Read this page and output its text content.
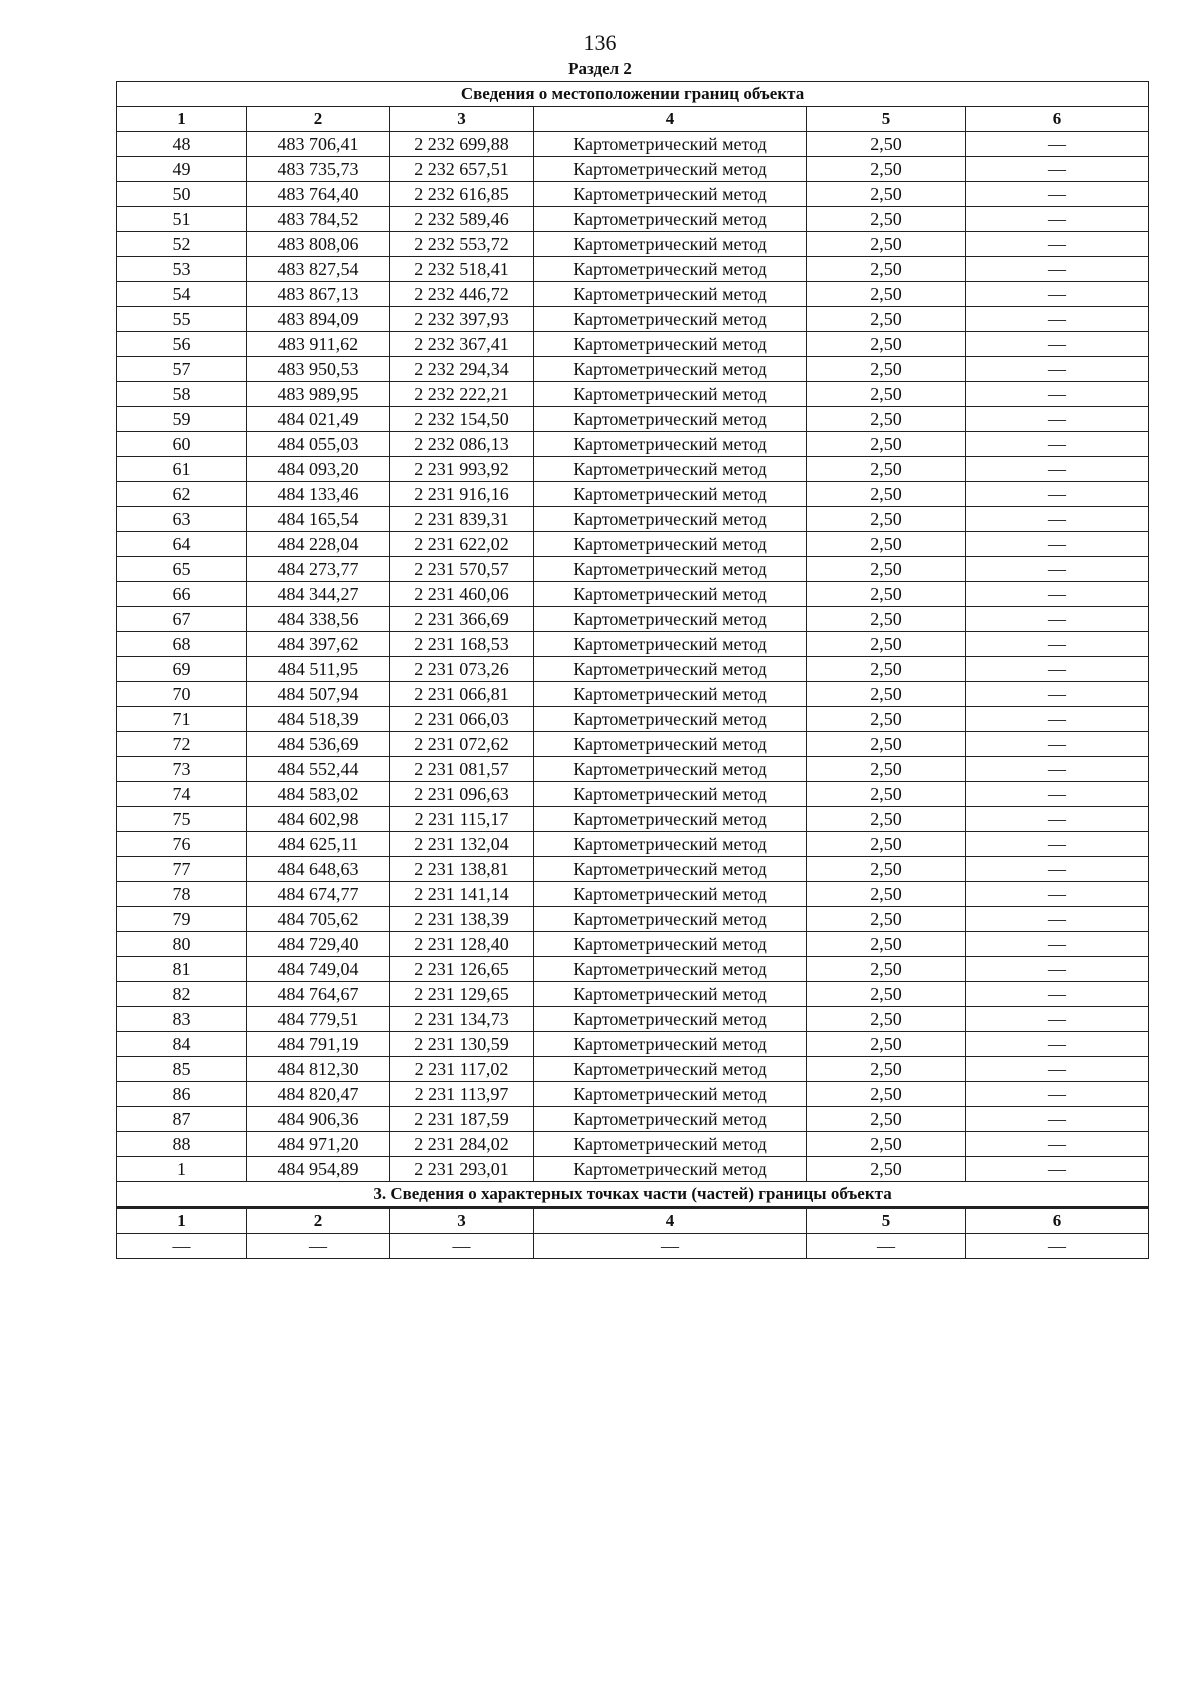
136
Раздел 2
Сведения о местоположении границ объекта					
1	2	3	4	5	6
48	483 706,41	2 232 699,88	Картометрический метод	2,50	—
49	483 735,73	2 232 657,51	Картометрический метод	2,50	—
50	483 764,40	2 232 616,85	Картометрический метод	2,50	—
51	483 784,52	2 232 589,46	Картометрический метод	2,50	—
52	483 808,06	2 232 553,72	Картометрический метод	2,50	—
53	483 827,54	2 232 518,41	Картометрический метод	2,50	—
54	483 867,13	2 232 446,72	Картометрический метод	2,50	—
55	483 894,09	2 232 397,93	Картометрический метод	2,50	—
56	483 911,62	2 232 367,41	Картометрический метод	2,50	—
57	483 950,53	2 232 294,34	Картометрический метод	2,50	—
58	483 989,95	2 232 222,21	Картометрический метод	2,50	—
59	484 021,49	2 232 154,50	Картометрический метод	2,50	—
60	484 055,03	2 232 086,13	Картометрический метод	2,50	—
61	484 093,20	2 231 993,92	Картометрический метод	2,50	—
62	484 133,46	2 231 916,16	Картометрический метод	2,50	—
63	484 165,54	2 231 839,31	Картометрический метод	2,50	—
64	484 228,04	2 231 622,02	Картометрический метод	2,50	—
65	484 273,77	2 231 570,57	Картометрический метод	2,50	—
66	484 344,27	2 231 460,06	Картометрический метод	2,50	—
67	484 338,56	2 231 366,69	Картометрический метод	2,50	—
68	484 397,62	2 231 168,53	Картометрический метод	2,50	—
69	484 511,95	2 231 073,26	Картометрический метод	2,50	—
70	484 507,94	2 231 066,81	Картометрический метод	2,50	—
71	484 518,39	2 231 066,03	Картометрический метод	2,50	—
72	484 536,69	2 231 072,62	Картометрический метод	2,50	—
73	484 552,44	2 231 081,57	Картометрический метод	2,50	—
74	484 583,02	2 231 096,63	Картометрический метод	2,50	—
75	484 602,98	2 231 115,17	Картометрический метод	2,50	—
76	484 625,11	2 231 132,04	Картометрический метод	2,50	—
77	484 648,63	2 231 138,81	Картометрический метод	2,50	—
78	484 674,77	2 231 141,14	Картометрический метод	2,50	—
79	484 705,62	2 231 138,39	Картометрический метод	2,50	—
80	484 729,40	2 231 128,40	Картометрический метод	2,50	—
81	484 749,04	2 231 126,65	Картометрический метод	2,50	—
82	484 764,67	2 231 129,65	Картометрический метод	2,50	—
83	484 779,51	2 231 134,73	Картометрический метод	2,50	—
84	484 791,19	2 231 130,59	Картометрический метод	2,50	—
85	484 812,30	2 231 117,02	Картометрический метод	2,50	—
86	484 820,47	2 231 113,97	Картометрический метод	2,50	—
87	484 906,36	2 231 187,59	Картометрический метод	2,50	—
88	484 971,20	2 231 284,02	Картометрический метод	2,50	—
1	484 954,89	2 231 293,01	Картометрический метод	2,50	—
3. Сведения о характерных точках части (частей) границы объекта					
1	2	3	4	5	6
—	—	—	—	—	—
